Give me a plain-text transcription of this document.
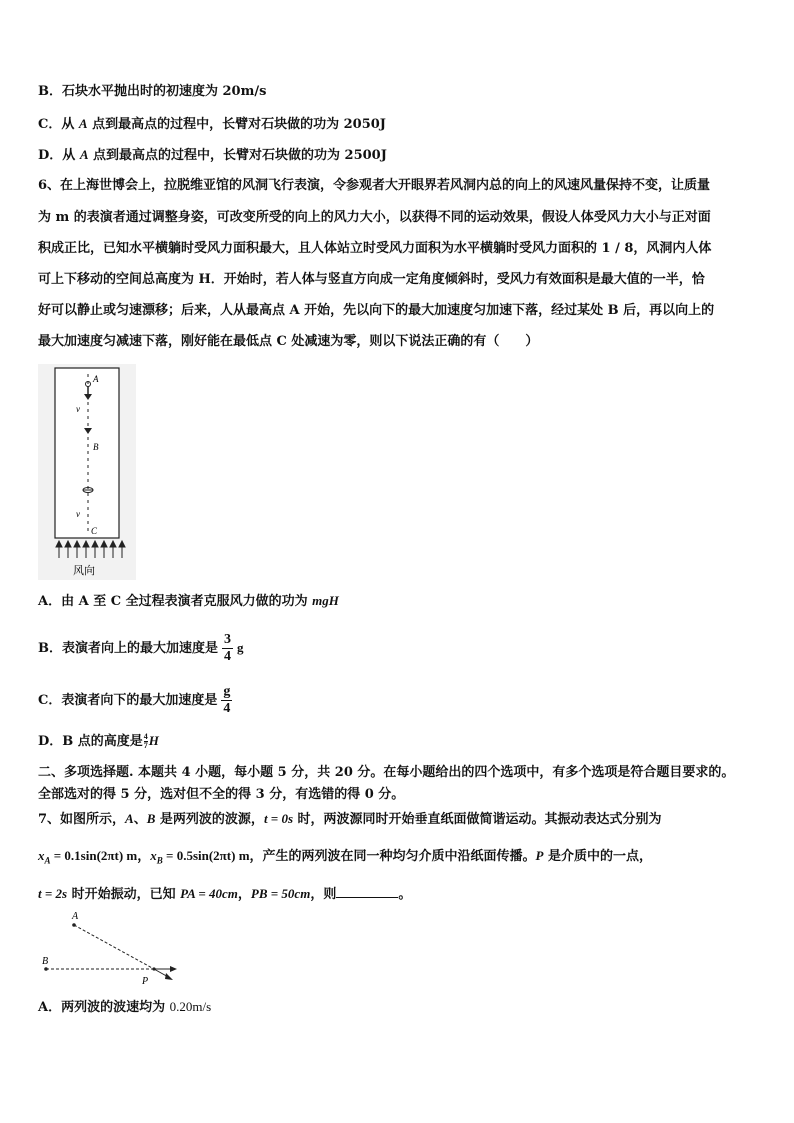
B．石块水平抛出时的初速度为 20m/s
C．从 A 点到最高点的过程中，长臂对石块做的功为 2050J
D．从 A 点到最高点的过程中，长臂对石块做的功为 2500J
6、在上海世博会上，拉脱维亚馆的风洞飞行表演，令参观者大开眼界若风洞内总的向上的风速风量保持不变，让质量
为 m 的表演者通过调整身姿，可改变所受的向上的风力大小，以获得不同的运动效果，假设人体受风力大小与正对面
积成正比，已知水平横躺时受风力面积最大，且人体站立时受风力面积为水平横躺时受风力面积的 1 / 8，风洞内人体
可上下移动的空间总高度为 H．开始时，若人体与竖直方向成一定角度倾斜时，受风力有效面积是最大值的一半，恰
好可以静止或匀速漂移；后来，人从最高点 A 开始，先以向下的最大加速度匀加速下落，经过某处 B 后，再以向上的
最大加速度匀减速下落，刚好能在最低点 C 处减速为零，则以下说法正确的有（　　）
A
v
B
v
C
风向
A．由 A 至 C 全过程表演者克服风力做的功为 mgH
B．表演者向上的最大加速度是 $\frac{3}{4}$ g
C．表演者向下的最大加速度是 $\frac{g}{4}$
D．B 点的高度是 $\frac{4}{7}$ H
二、多项选择题. 本题共 4 小题，每小题 5 分，共 20 分。在每小题给出的四个选项中，有多个选项是符合题目要求的。
全部选对的得 5 分，选对但不全的得 3 分，有选错的得 0 分。
7、如图所示，A、B 是两列波的波源，t = 0s 时，两波源同时开始垂直纸面做简谐运动。其振动表达式分别为
$x_A = 0.1\sin(2\pi t)$ m，$x_B = 0.5\sin(2\pi t)$ m，产生的两列波在同一种均匀介质中沿纸面传播。P 是介质中的一点，
t = 2s 时开始振动，已知 PA = 40cm，PB = 50cm，则	。
A
B
P
A．两列波的波速均为 0.20m/s
